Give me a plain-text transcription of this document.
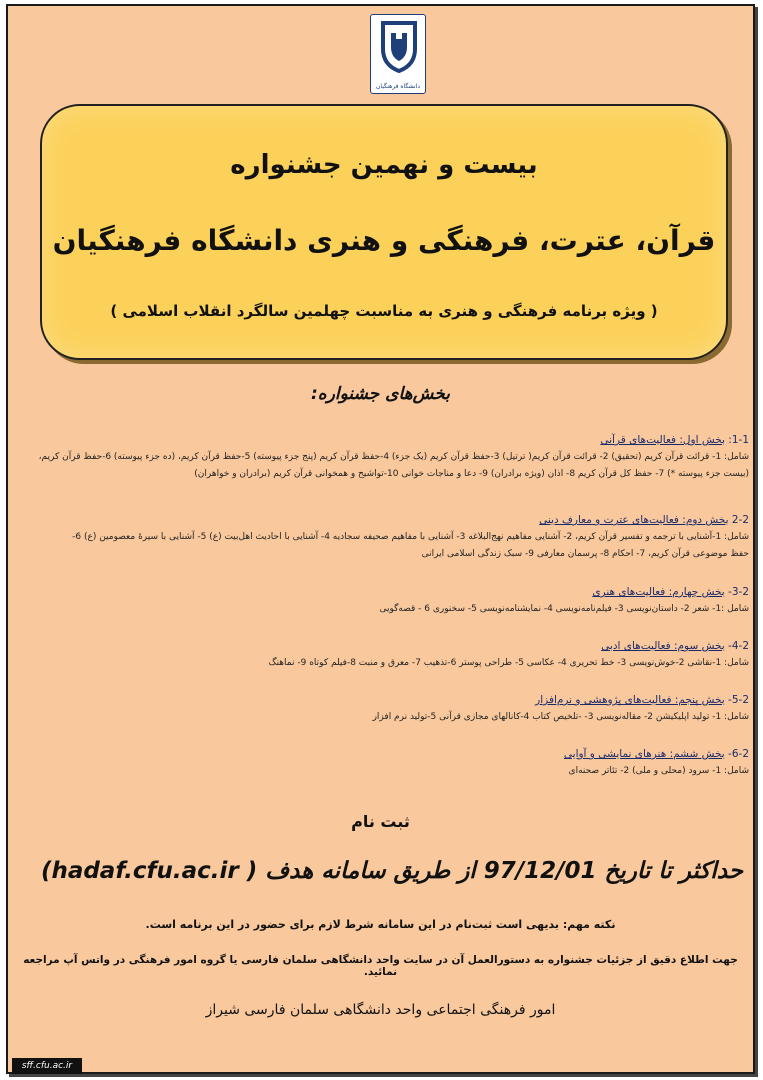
دانشگاه فرهنگیان
بیست و نهمین جشنواره
قرآن، عترت، فرهنگی و هنری دانشگاه فرهنگیان
( ویژه برنامه فرهنگی و هنری به مناسبت چهلمین سالگرد انقلاب اسلامی )
بخش‌های جشنواره:
1-1: بخش اول: فعالیت‌های قرآنی
شامل: 1- قرائت قرآن کریم (تحقیق) 2- قرائت قرآن کریم( ترتیل) 3-حفظ قرآن کریم (یک جزء) 4-حفظ قرآن کریم (پنج جزء پیوسته) 5-حفظ قرآن کریم، (ده جزء پیوسته) 6-حفظ قرآن کریم،
(بیست جزء پیوسته *) 7- حفظ کل قرآن کریم 8- اذان (ویژه برادران) 9- دعا و مناجات خوانی 10-تواشیح و همخوانی قرآن کریم (برادران و خواهران)
2-2 بخش دوم: فعالیت‌های عترت و معارف دینی
شامل: 1-آشنایی با ترجمه و تفسیر قرآن کریم، 2- آشنایی مفاهیم نهج‌البلاغه 3- آشنایی با مفاهیم صحیفه سجادیه 4- آشنایی با احادیث اهل‌بیت (ع) 5- آشنایی با سیرهٔ معصومین (ع) 6-
حفظ موضوعی قرآن کریم، 7- احکام 8- پرسمان معارفی 9- سبک زندگی اسلامی ایرانی
3-2- بخش چهارم: فعالیت‌های هنری
شامل :1- شعر 2- داستان‌نویسی 3- فیلم‌نامه‌نویسی 4- نمایشنامه‌نویسی 5- سخنوری 6 - قصه‌گویی
4-2- بخش سوم: فعالیت‌های ادبی
شامل: 1-نقاشی 2-خوش‌نویسی 3- خط تحریری 4- عکاسی 5- طراحی پوستر 6-تذهیب 7- معرق و منبت 8-فیلم کوتاه 9- نماهنگ
5-2- بخش پنجم: فعالیت‌های پژوهشی و نرم‌افزار
شامل: 1- تولید اپلیکیشن 2- مقاله‌نویسی 3- -تلخیص کتاب 4-کانالهای مجازی قرآنی 5-تولید نرم افزار
6-2- بخش ششم: هنرهای نمایشی و آوایی
شامل: 1- سرود (محلی و ملی) 2- تئاتر صحنه‌ای
ثبت نام
حداکثر تا تاریخ 97/12/01 از طریق سامانه هدف ( hadaf.cfu.ac.ir)
نکته مهم: بدیهی است ثبت‌نام در این سامانه شرط لازم برای حضور در این برنامه است.
جهت اطلاع دقیق از جزئیات جشنواره به دستورالعمل آن در سایت واحد دانشگاهی سلمان فارسی یا گروه امور فرهنگی در واتس آپ مراجعه نمائید.
امور فرهنگی اجتماعی واحد دانشگاهی سلمان فارسی شیراز
sff.cfu.ac.ir
